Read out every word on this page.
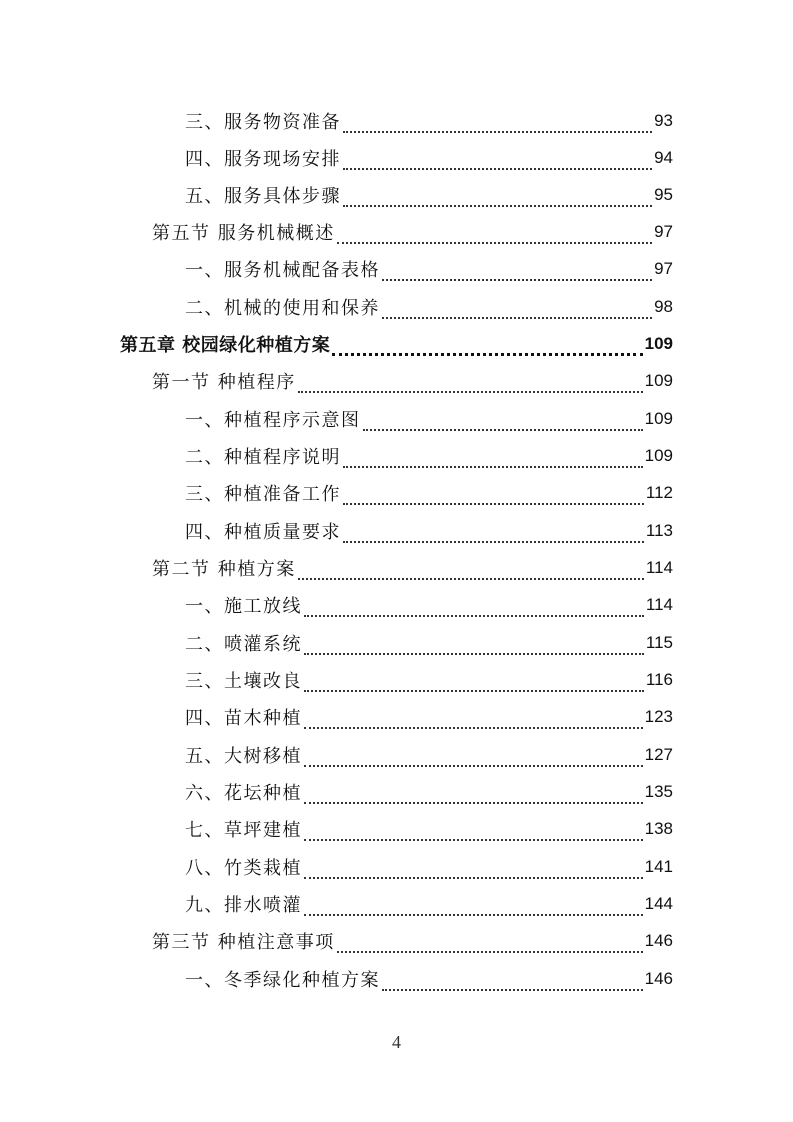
三、服务物资准备	93
四、服务现场安排	94
五、服务具体步骤	95
第五节 服务机械概述	97
一、服务机械配备表格	97
二、机械的使用和保养	98
第五章 校园绿化种植方案	109
第一节 种植程序	109
一、种植程序示意图	109
二、种植程序说明	109
三、种植准备工作	112
四、种植质量要求	113
第二节 种植方案	114
一、施工放线	114
二、喷灌系统	115
三、土壤改良	116
四、苗木种植	123
五、大树移植	127
六、花坛种植	135
七、草坪建植	138
八、竹类栽植	141
九、排水喷灌	144
第三节 种植注意事项	146
一、冬季绿化种植方案	146
4
